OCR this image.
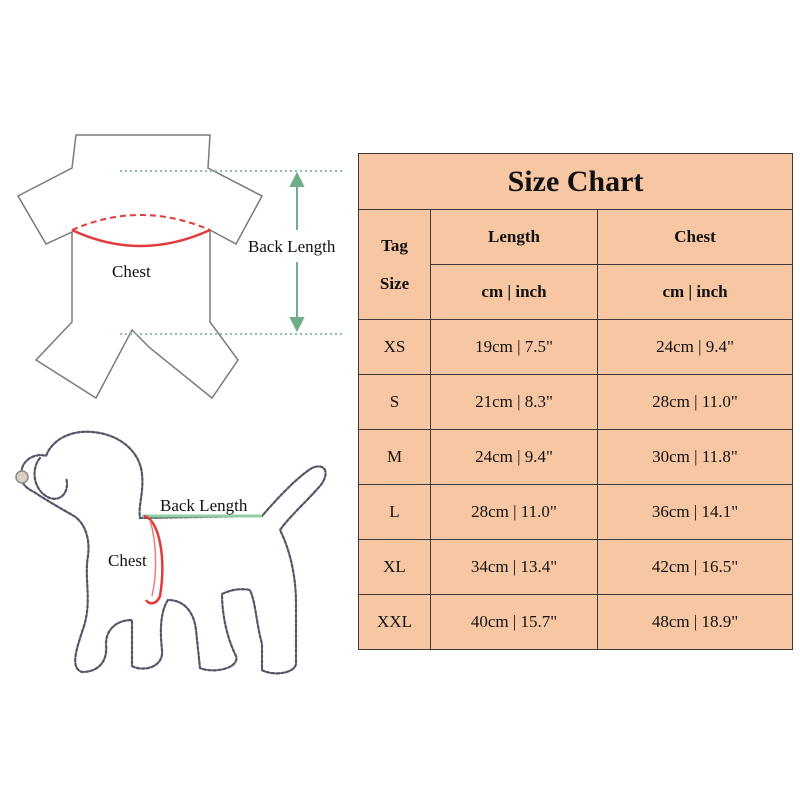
Chest
Back Length
Back Length
Chest
Size Chart		

Tag
Size	Length	Chest
	cm | inch	cm | inch
XS	19cm | 7.5"	24cm | 9.4"
S	21cm | 8.3"	28cm | 11.0"
M	24cm | 9.4"	30cm | 11.8"
L	28cm | 11.0"	36cm | 14.1"
XL	34cm | 13.4"	42cm | 16.5"
XXL	40cm | 15.7"	48cm | 18.9"
